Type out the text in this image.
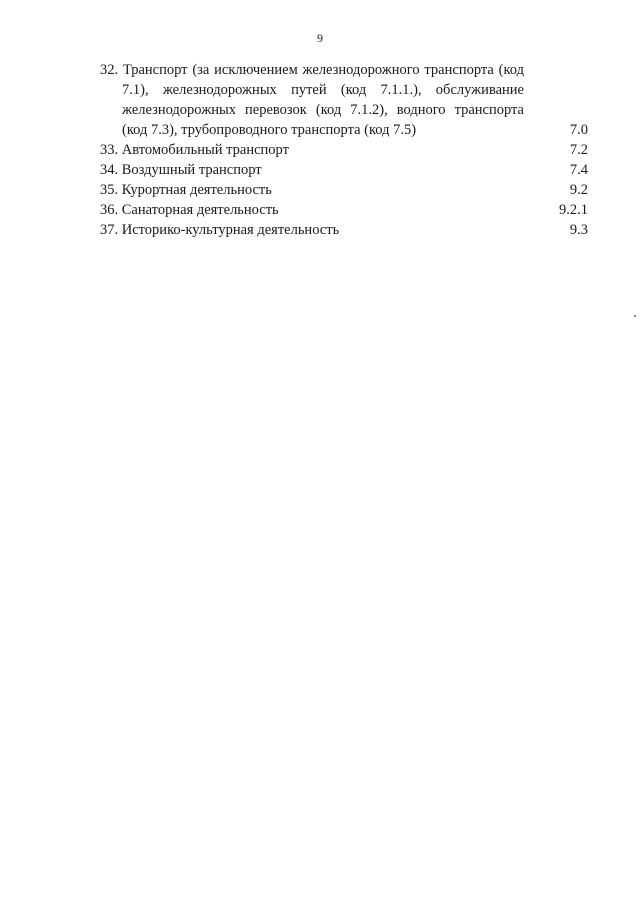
9
32. Транспорт (за исключением железнодорожного транспорта (код 7.1), железнодорожных путей (код 7.1.1.), обслуживание железнодорожных перевозок (код 7.1.2), водного транспорта (код 7.3), трубопроводного транспорта (код 7.5)	7.0
33. Автомобильный транспорт	7.2
34. Воздушный транспорт	7.4
35. Курортная деятельность	9.2
36. Санаторная деятельность	9.2.1
37. Историко-культурная деятельность	9.3
